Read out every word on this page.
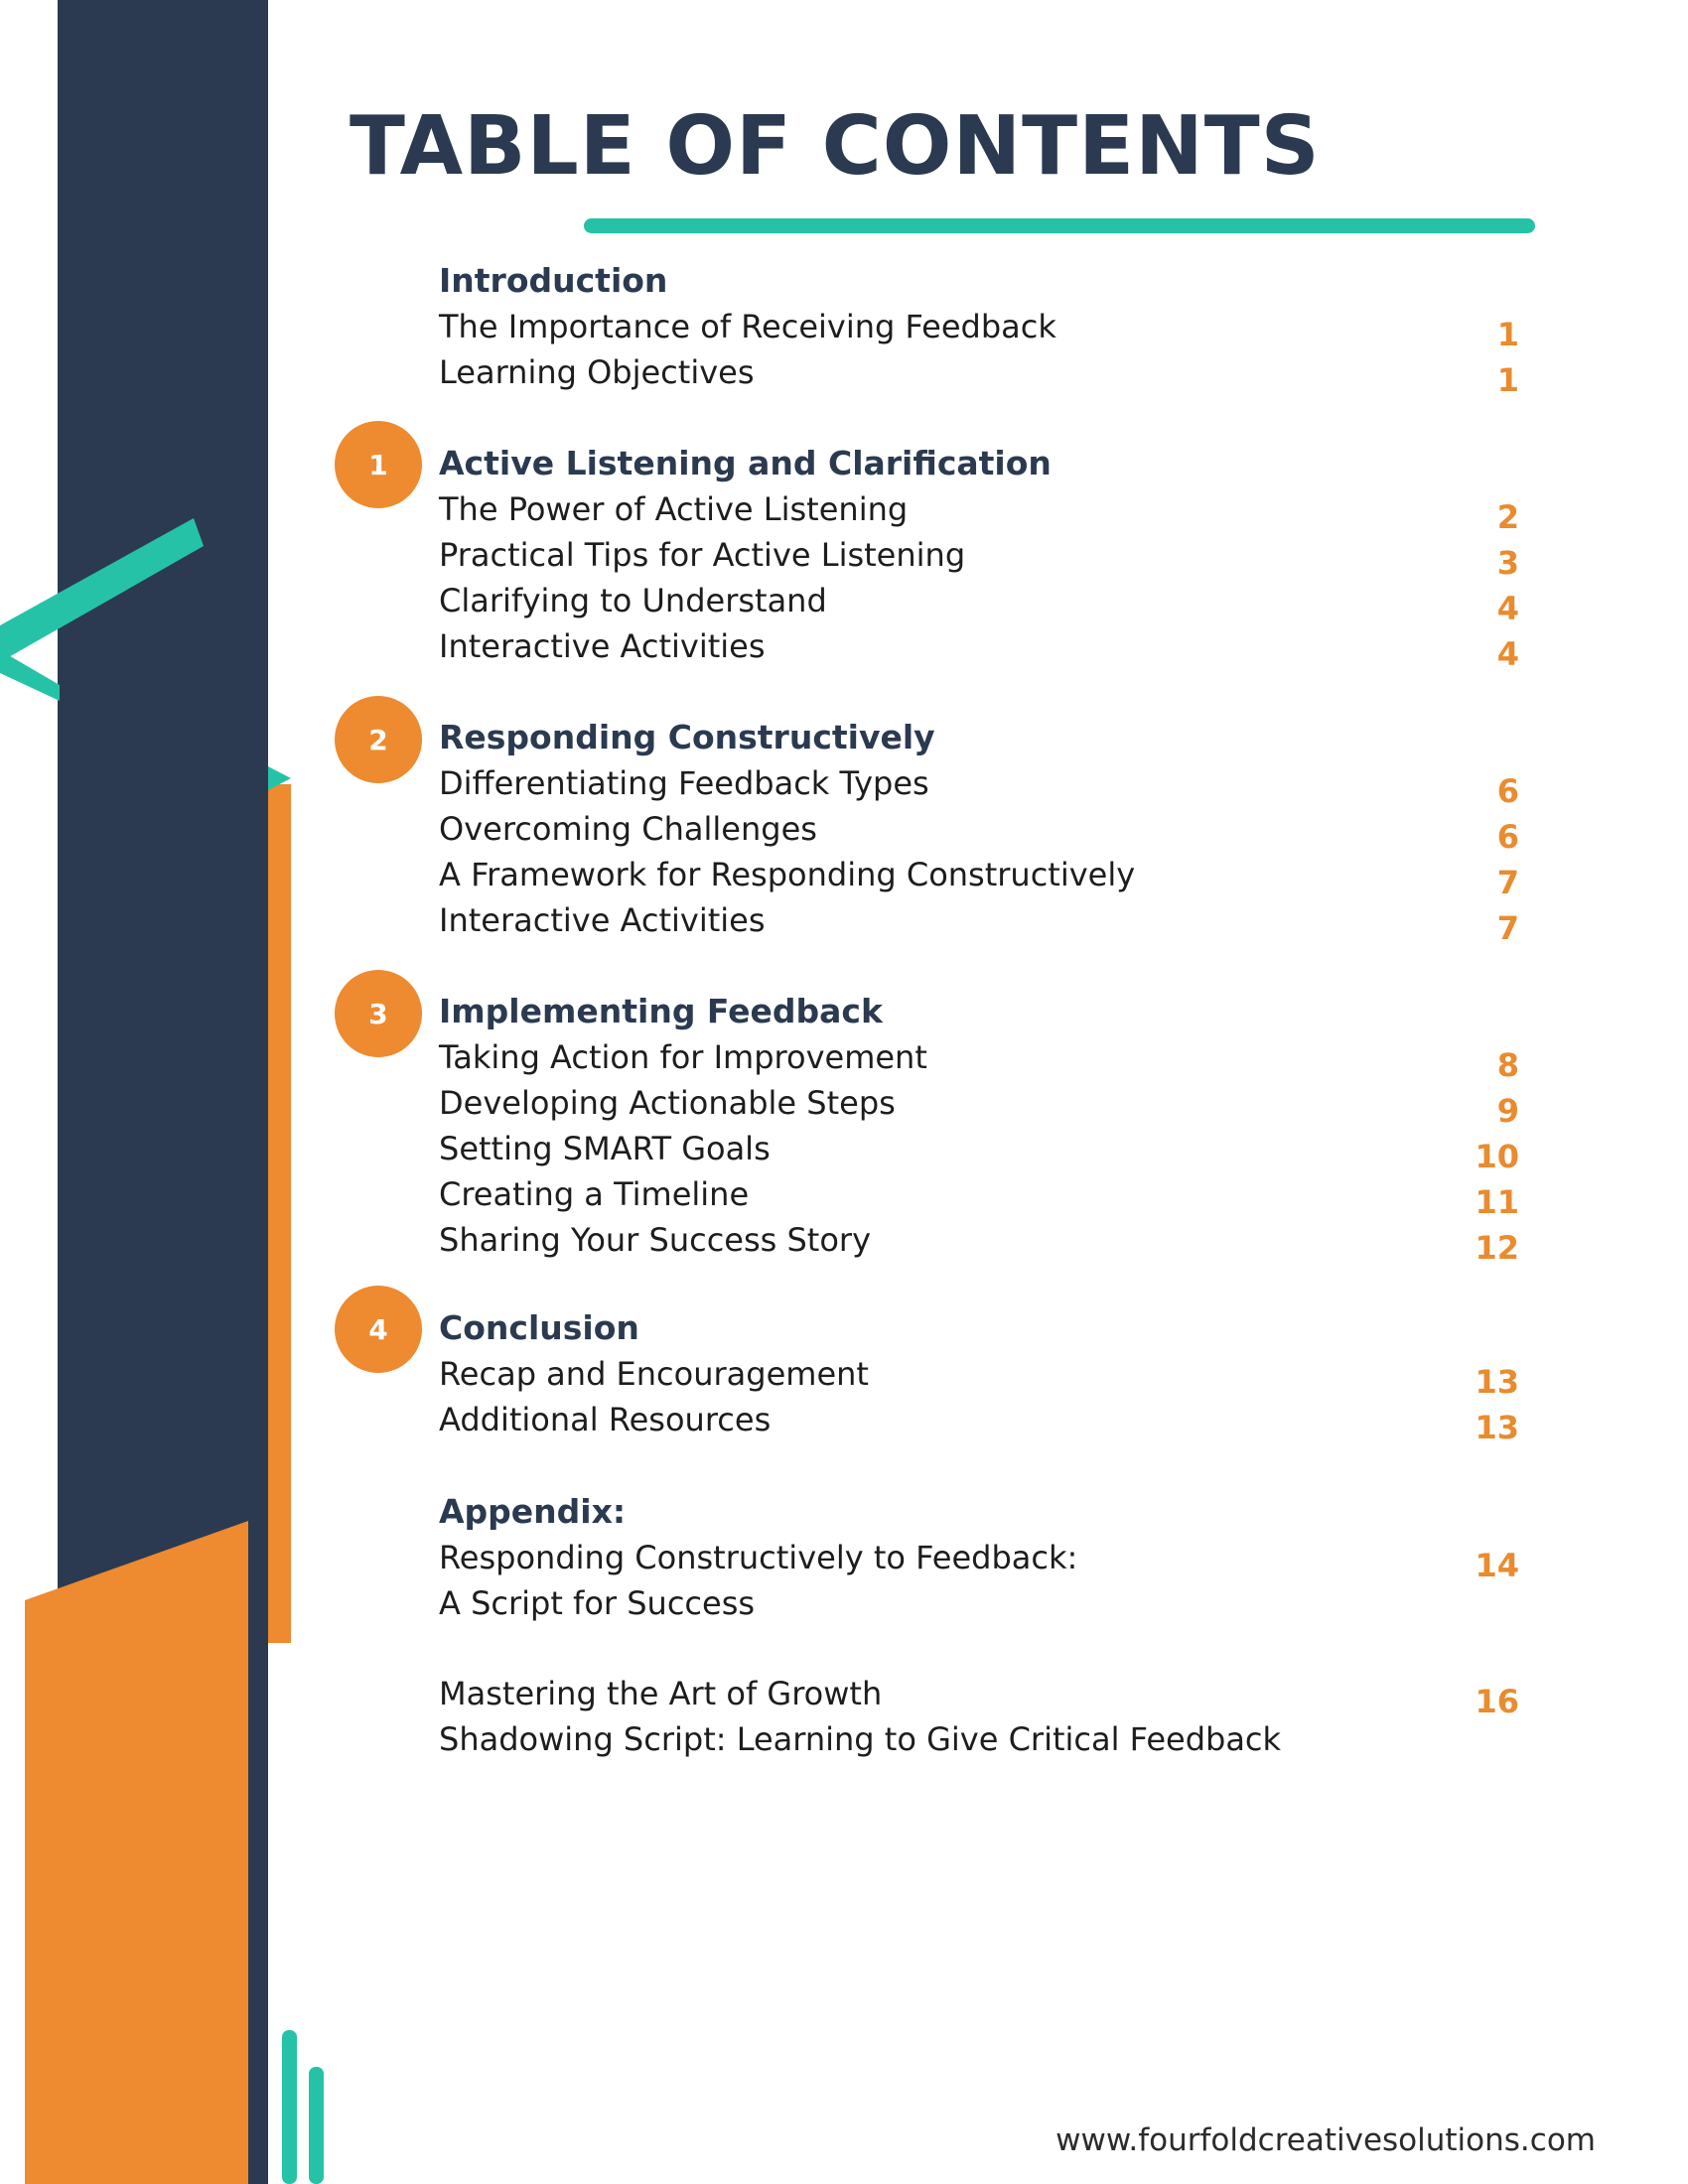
TABLE OF CONTENTS

Introduction

The Importance of Receiving Feedback	1

Learning Objectives	1

1	Active Listening and Clarification

The Power of Active Listening	2

Practical Tips for Active Listening	3

Clarifying to Understand	4

Interactive Activities	4

2	Responding Constructively

Differentiating Feedback Types	6

Overcoming Challenges	6

A Framework for Responding Constructively	7

Interactive Activities	7

3	Implementing Feedback

Taking Action for Improvement	8

Developing Actionable Steps	9

Setting SMART Goals	10

Creating a Timeline	11

Sharing Your Success Story	12

4	Conclusion

Recap and Encouragement	13

Additional Resources	13

Appendix:

Responding Constructively to Feedback:	14

A Script for Success

Mastering the Art of Growth	16

Shadowing Script: Learning to Give Critical Feedback

www.fourfoldcreativesolutions.com
